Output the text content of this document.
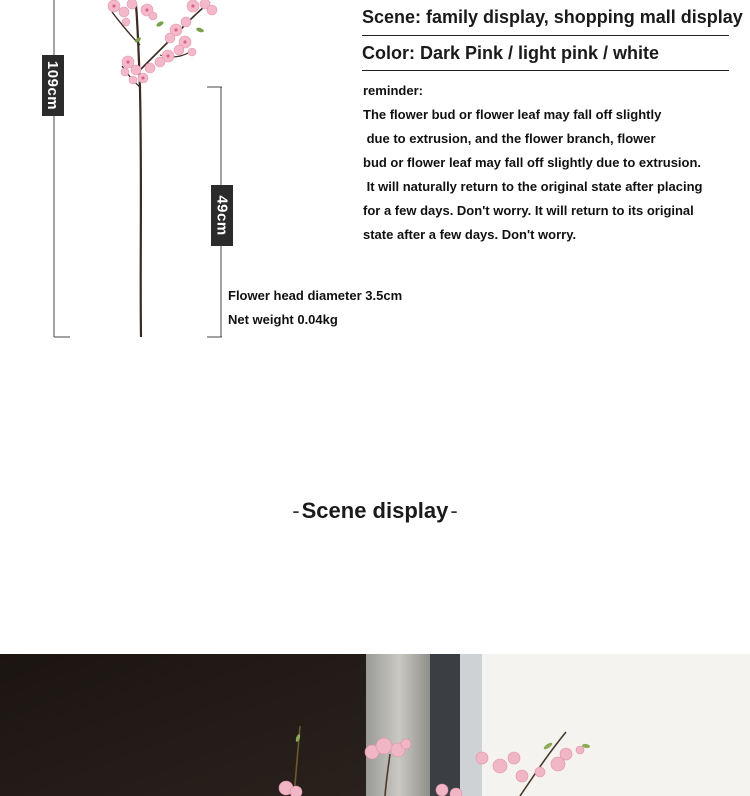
109cm
49cm
Scene: family display, shopping mall display
Color: Dark Pink / light pink / white
reminder:
The flower bud or flower leaf may fall off slightly
due to extrusion, and the flower branch, flower
bud or flower leaf may fall off slightly due to extrusion.
It will naturally return to the original state after placing
for a few days. Don't worry. It will return to its original
state after a few days. Don't worry.
Flower head diameter 3.5cm
Net weight 0.04kg
-Scene display-
